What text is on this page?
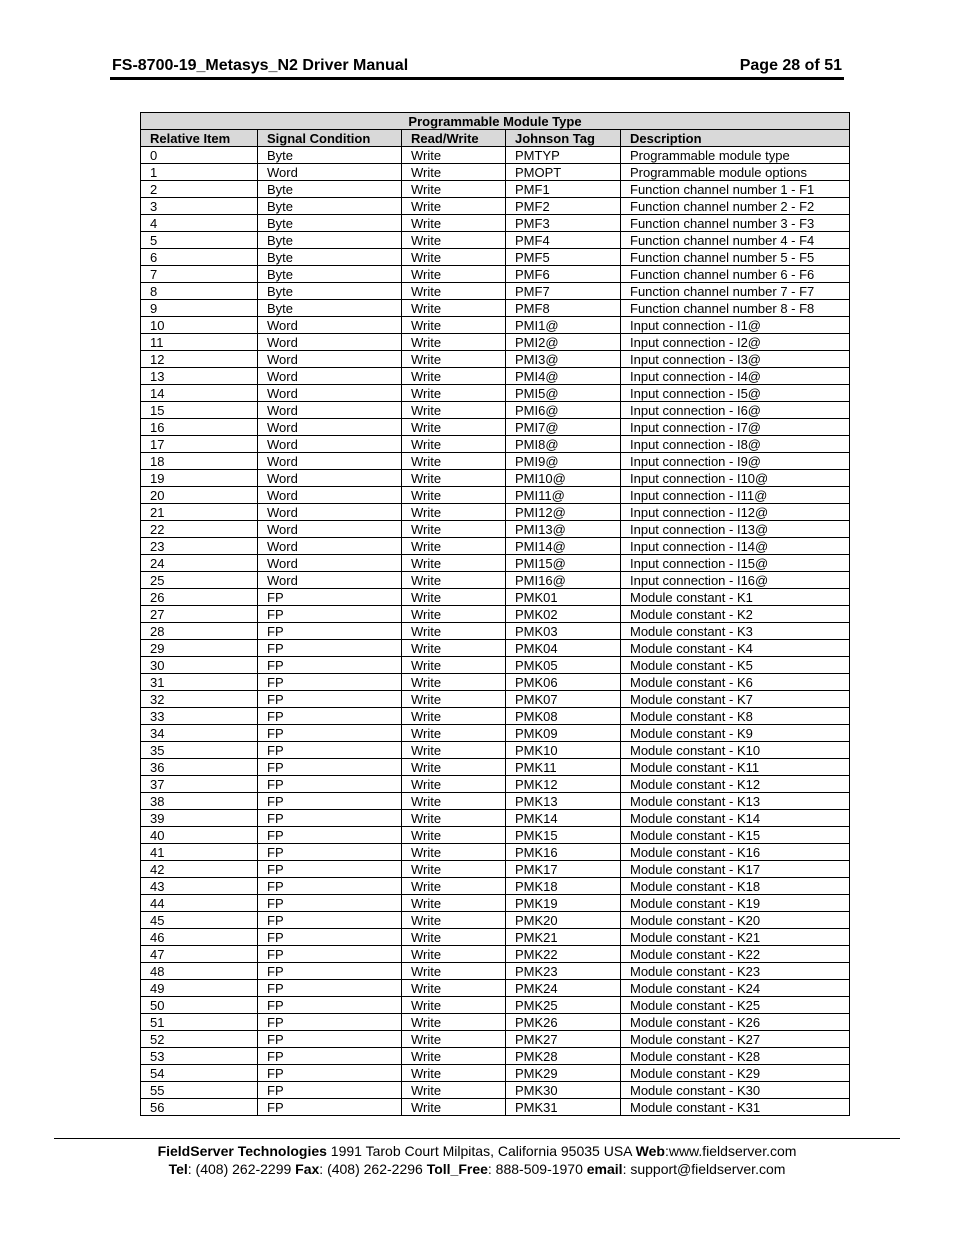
FS-8700-19_Metasys_N2 Driver Manual	Page 28 of 51
Programmable Module Type				
Relative Item	Signal Condition	Read/Write	Johnson Tag	Description
0	Byte	Write	PMTYP	Programmable module type
1	Word	Write	PMOPT	Programmable module options
2	Byte	Write	PMF1	Function channel number 1 - F1
3	Byte	Write	PMF2	Function channel number 2 - F2
4	Byte	Write	PMF3	Function channel number 3 - F3
5	Byte	Write	PMF4	Function channel number 4 - F4
6	Byte	Write	PMF5	Function channel number 5 - F5
7	Byte	Write	PMF6	Function channel number 6 - F6
8	Byte	Write	PMF7	Function channel number 7 - F7
9	Byte	Write	PMF8	Function channel number 8 - F8
10	Word	Write	PMI1@	Input connection - I1@
11	Word	Write	PMI2@	Input connection - I2@
12	Word	Write	PMI3@	Input connection - I3@
13	Word	Write	PMI4@	Input connection - I4@
14	Word	Write	PMI5@	Input connection - I5@
15	Word	Write	PMI6@	Input connection - I6@
16	Word	Write	PMI7@	Input connection - I7@
17	Word	Write	PMI8@	Input connection - I8@
18	Word	Write	PMI9@	Input connection - I9@
19	Word	Write	PMI10@	Input connection - I10@
20	Word	Write	PMI11@	Input connection - I11@
21	Word	Write	PMI12@	Input connection - I12@
22	Word	Write	PMI13@	Input connection - I13@
23	Word	Write	PMI14@	Input connection - I14@
24	Word	Write	PMI15@	Input connection - I15@
25	Word	Write	PMI16@	Input connection - I16@
26	FP	Write	PMK01	Module constant - K1
27	FP	Write	PMK02	Module constant - K2
28	FP	Write	PMK03	Module constant - K3
29	FP	Write	PMK04	Module constant - K4
30	FP	Write	PMK05	Module constant - K5
31	FP	Write	PMK06	Module constant - K6
32	FP	Write	PMK07	Module constant - K7
33	FP	Write	PMK08	Module constant - K8
34	FP	Write	PMK09	Module constant - K9
35	FP	Write	PMK10	Module constant - K10
36	FP	Write	PMK11	Module constant - K11
37	FP	Write	PMK12	Module constant - K12
38	FP	Write	PMK13	Module constant - K13
39	FP	Write	PMK14	Module constant - K14
40	FP	Write	PMK15	Module constant - K15
41	FP	Write	PMK16	Module constant - K16
42	FP	Write	PMK17	Module constant - K17
43	FP	Write	PMK18	Module constant - K18
44	FP	Write	PMK19	Module constant - K19
45	FP	Write	PMK20	Module constant - K20
46	FP	Write	PMK21	Module constant - K21
47	FP	Write	PMK22	Module constant - K22
48	FP	Write	PMK23	Module constant - K23
49	FP	Write	PMK24	Module constant - K24
50	FP	Write	PMK25	Module constant - K25
51	FP	Write	PMK26	Module constant - K26
52	FP	Write	PMK27	Module constant - K27
53	FP	Write	PMK28	Module constant - K28
54	FP	Write	PMK29	Module constant - K29
55	FP	Write	PMK30	Module constant - K30
56	FP	Write	PMK31	Module constant - K31
FieldServer Technologies 1991 Tarob Court Milpitas, California 95035 USA Web:www.fieldserver.com
Tel: (408) 262-2299 Fax: (408) 262-2296 Toll_Free: 888-509-1970 email: support@fieldserver.com
